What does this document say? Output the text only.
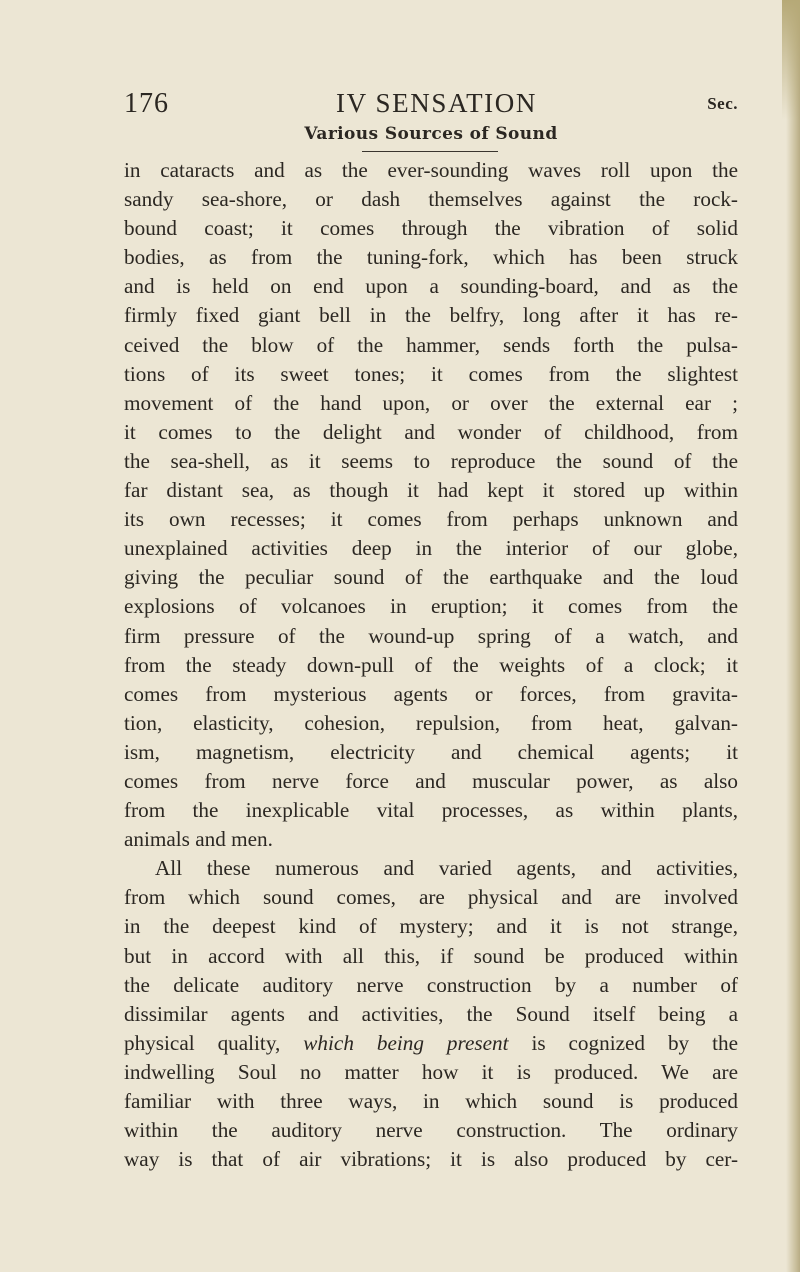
176	IV SENSATION	Sec.
Various Sources of Sound
in cataracts and as the ever-sounding waves roll upon the
sandy sea-shore, or dash themselves against the rock-
bound coast; it comes through the vibration of solid
bodies, as from the tuning-fork, which has been struck
and is held on end upon a sounding-board, and as the
firmly fixed giant bell in the belfry, long after it has re-
ceived the blow of the hammer, sends forth the pulsa-
tions of its sweet tones; it comes from the slightest
movement of the hand upon, or over the external ear ;
it comes to the delight and wonder of childhood, from
the sea-shell, as it seems to reproduce the sound of the
far distant sea, as though it had kept it stored up within
its own recesses; it comes from perhaps unknown and
unexplained activities deep in the interior of our globe,
giving the peculiar sound of the earthquake and the loud
explosions of volcanoes in eruption; it comes from the
firm pressure of the wound-up spring of a watch, and
from the steady down-pull of the weights of a clock; it
comes from mysterious agents or forces, from gravita-
tion, elasticity, cohesion, repulsion, from heat, galvan-
ism, magnetism, electricity and chemical agents; it
comes from nerve force and muscular power, as also
from the inexplicable vital processes, as within plants,
animals and men.
All these numerous and varied agents, and activities,
from which sound comes, are physical and are involved
in the deepest kind of mystery; and it is not strange,
but in accord with all this, if sound be produced within
the delicate auditory nerve construction by a number of
dissimilar agents and activities, the Sound itself being a
physical quality, which being present is cognized by the
indwelling Soul no matter how it is produced. We are
familiar with three ways, in which sound is produced
within the auditory nerve construction. The ordinary
way is that of air vibrations; it is also produced by cer-
